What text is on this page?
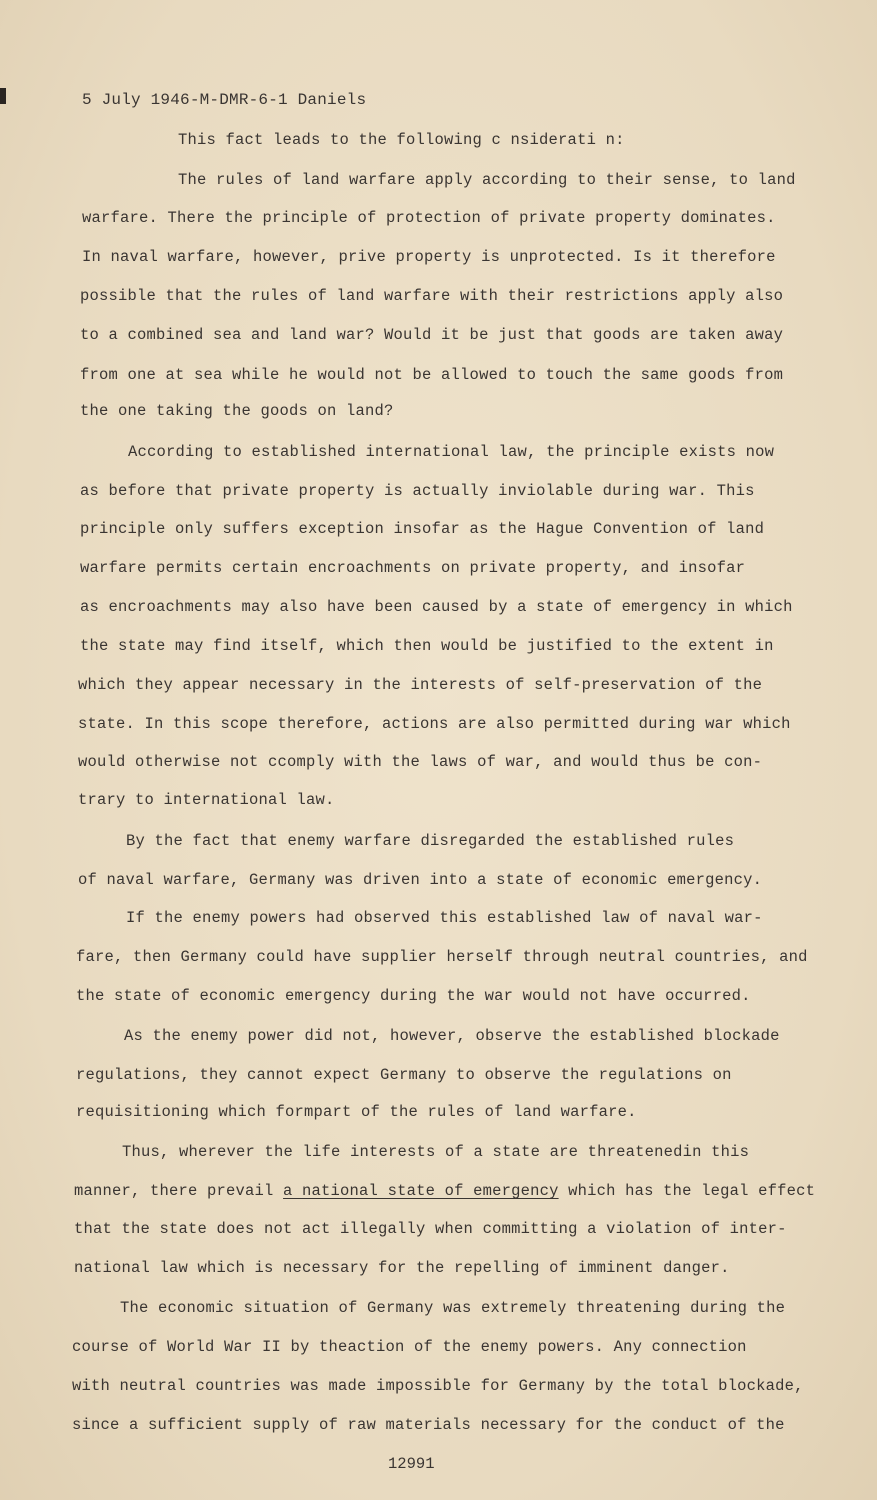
5 July 1946-M-DMR-6-1 Daniels
This fact leads to the following c nsiderati n:
The rules of land warfare apply according to their sense, to land
warfare. There the principle of protection of private property dominates.
In naval warfare, however, prive property is unprotected. Is it therefore
possible that the rules of land warfare with their restrictions apply also
to a combined sea and land war? Would it be just that goods are taken away
from one at sea while he would not be allowed to touch the same goods from
the one taking the goods on land?
According to established international law, the principle exists now
as before that private property is actually inviolable during war. This
principle only suffers exception insofar as the Hague Convention of land
warfare permits certain encroachments on private property, and insofar
as encroachments may also have been caused by a state of emergency in which
the state may find itself, which then would be justified to the extent in
which they appear necessary in the interests of self-preservation of the
state. In this scope therefore, actions are also permitted during war which
would otherwise not ccomply with the laws of war, and would thus be con-
trary to international law.
By the fact that enemy warfare disregarded the established rules
of naval warfare, Germany was driven into a state of economic emergency.
If the enemy powers had observed this established law of naval war-
fare, then Germany could have supplier herself through neutral countries, and
the state of economic emergency during the war would not have occurred.
As the enemy power did not, however, observe the established blockade
regulations, they cannot expect Germany to observe the regulations on
requisitioning which formpart of the rules of land warfare.
Thus, wherever the life interests of a state are threatenedin this
manner, there prevail a national state of emergency which has the legal effect
that the state does not act illegally when committing a violation of inter-
national law which is necessary for the repelling of imminent danger.
The economic situation of Germany was extremely threatening during the
course of World War II by theaction of the enemy powers. Any connection
with neutral countries was made impossible for Germany by the total blockade,
since a sufficient supply of raw materials necessary for the conduct of the
12991
